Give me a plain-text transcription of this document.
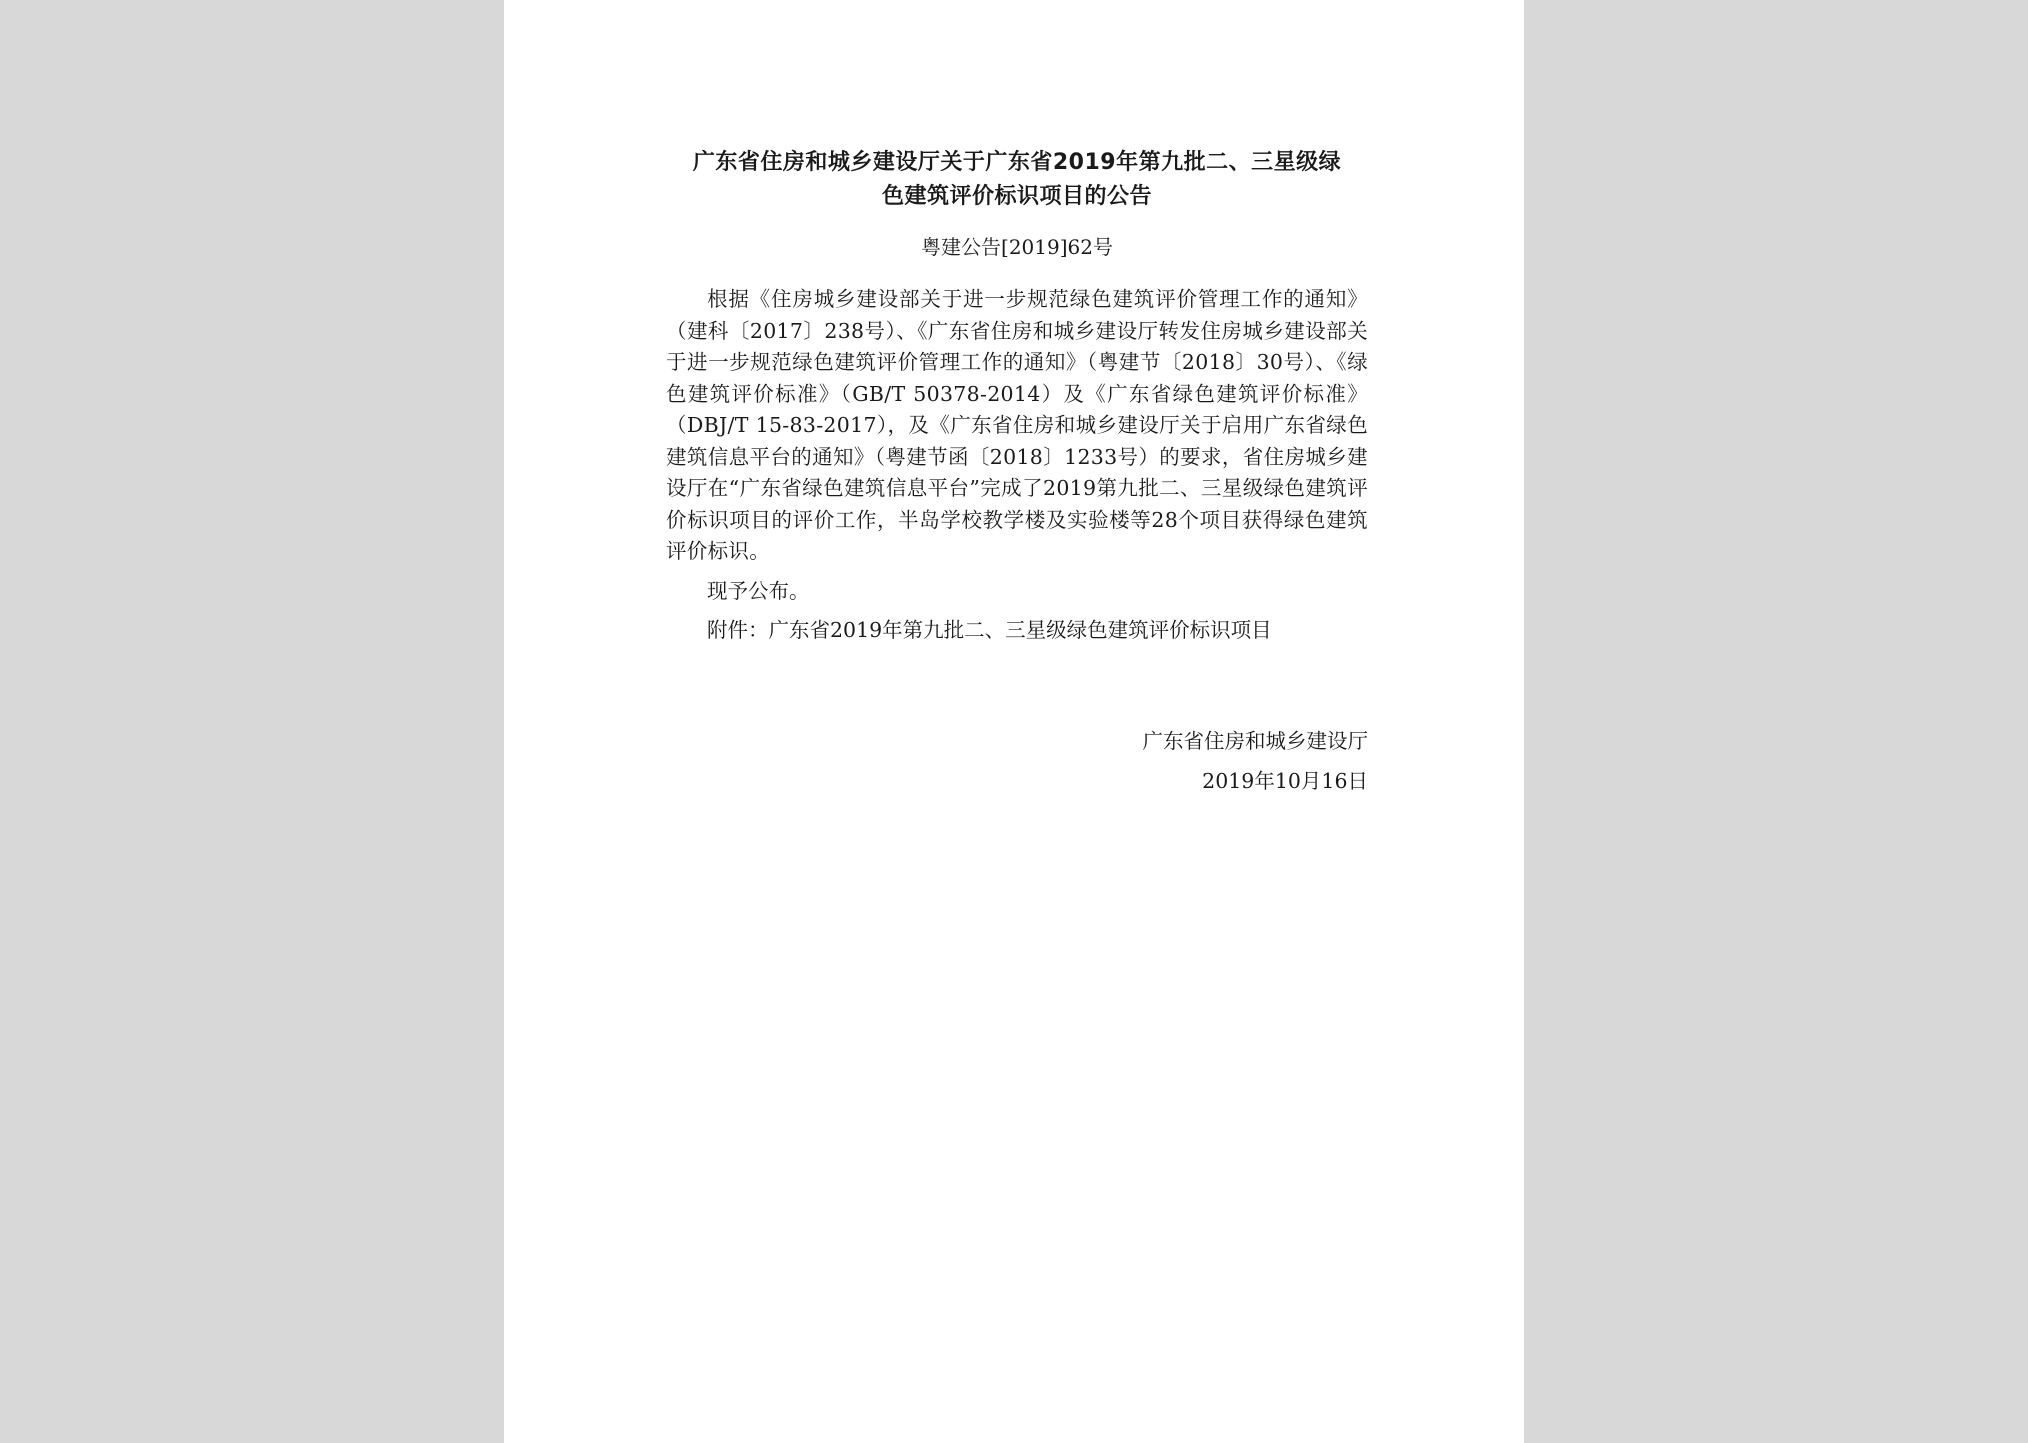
广东省住房和城乡建设厅关于广东省2019年第九批二、三星级绿
色建筑评价标识项目的公告

粤建公告[2019]62号

根据《住房城乡建设部关于进一步规范绿色建筑评价管理工作的通知》（建科〔2017〕238号）、《广东省住房和城乡建设厅转发住房城乡建设部关于进一步规范绿色建筑评价管理工作的通知》（粤建节〔2018〕30号）、《绿色建筑评价标准》（GB/T 50378-2014）及《广东省绿色建筑评价标准》（DBJ/T 15-83-2017），及《广东省住房和城乡建设厅关于启用广东省绿色建筑信息平台的通知》（粤建节函〔2018〕1233号）的要求，省住房城乡建设厅在“广东省绿色建筑信息平台”完成了2019第九批二、三星级绿色建筑评价标识项目的评价工作，半岛学校教学楼及实验楼等28个项目获得绿色建筑评价标识。

现予公布。

附件：广东省2019年第九批二、三星级绿色建筑评价标识项目

广东省住房和城乡建设厅
2019年10月16日
